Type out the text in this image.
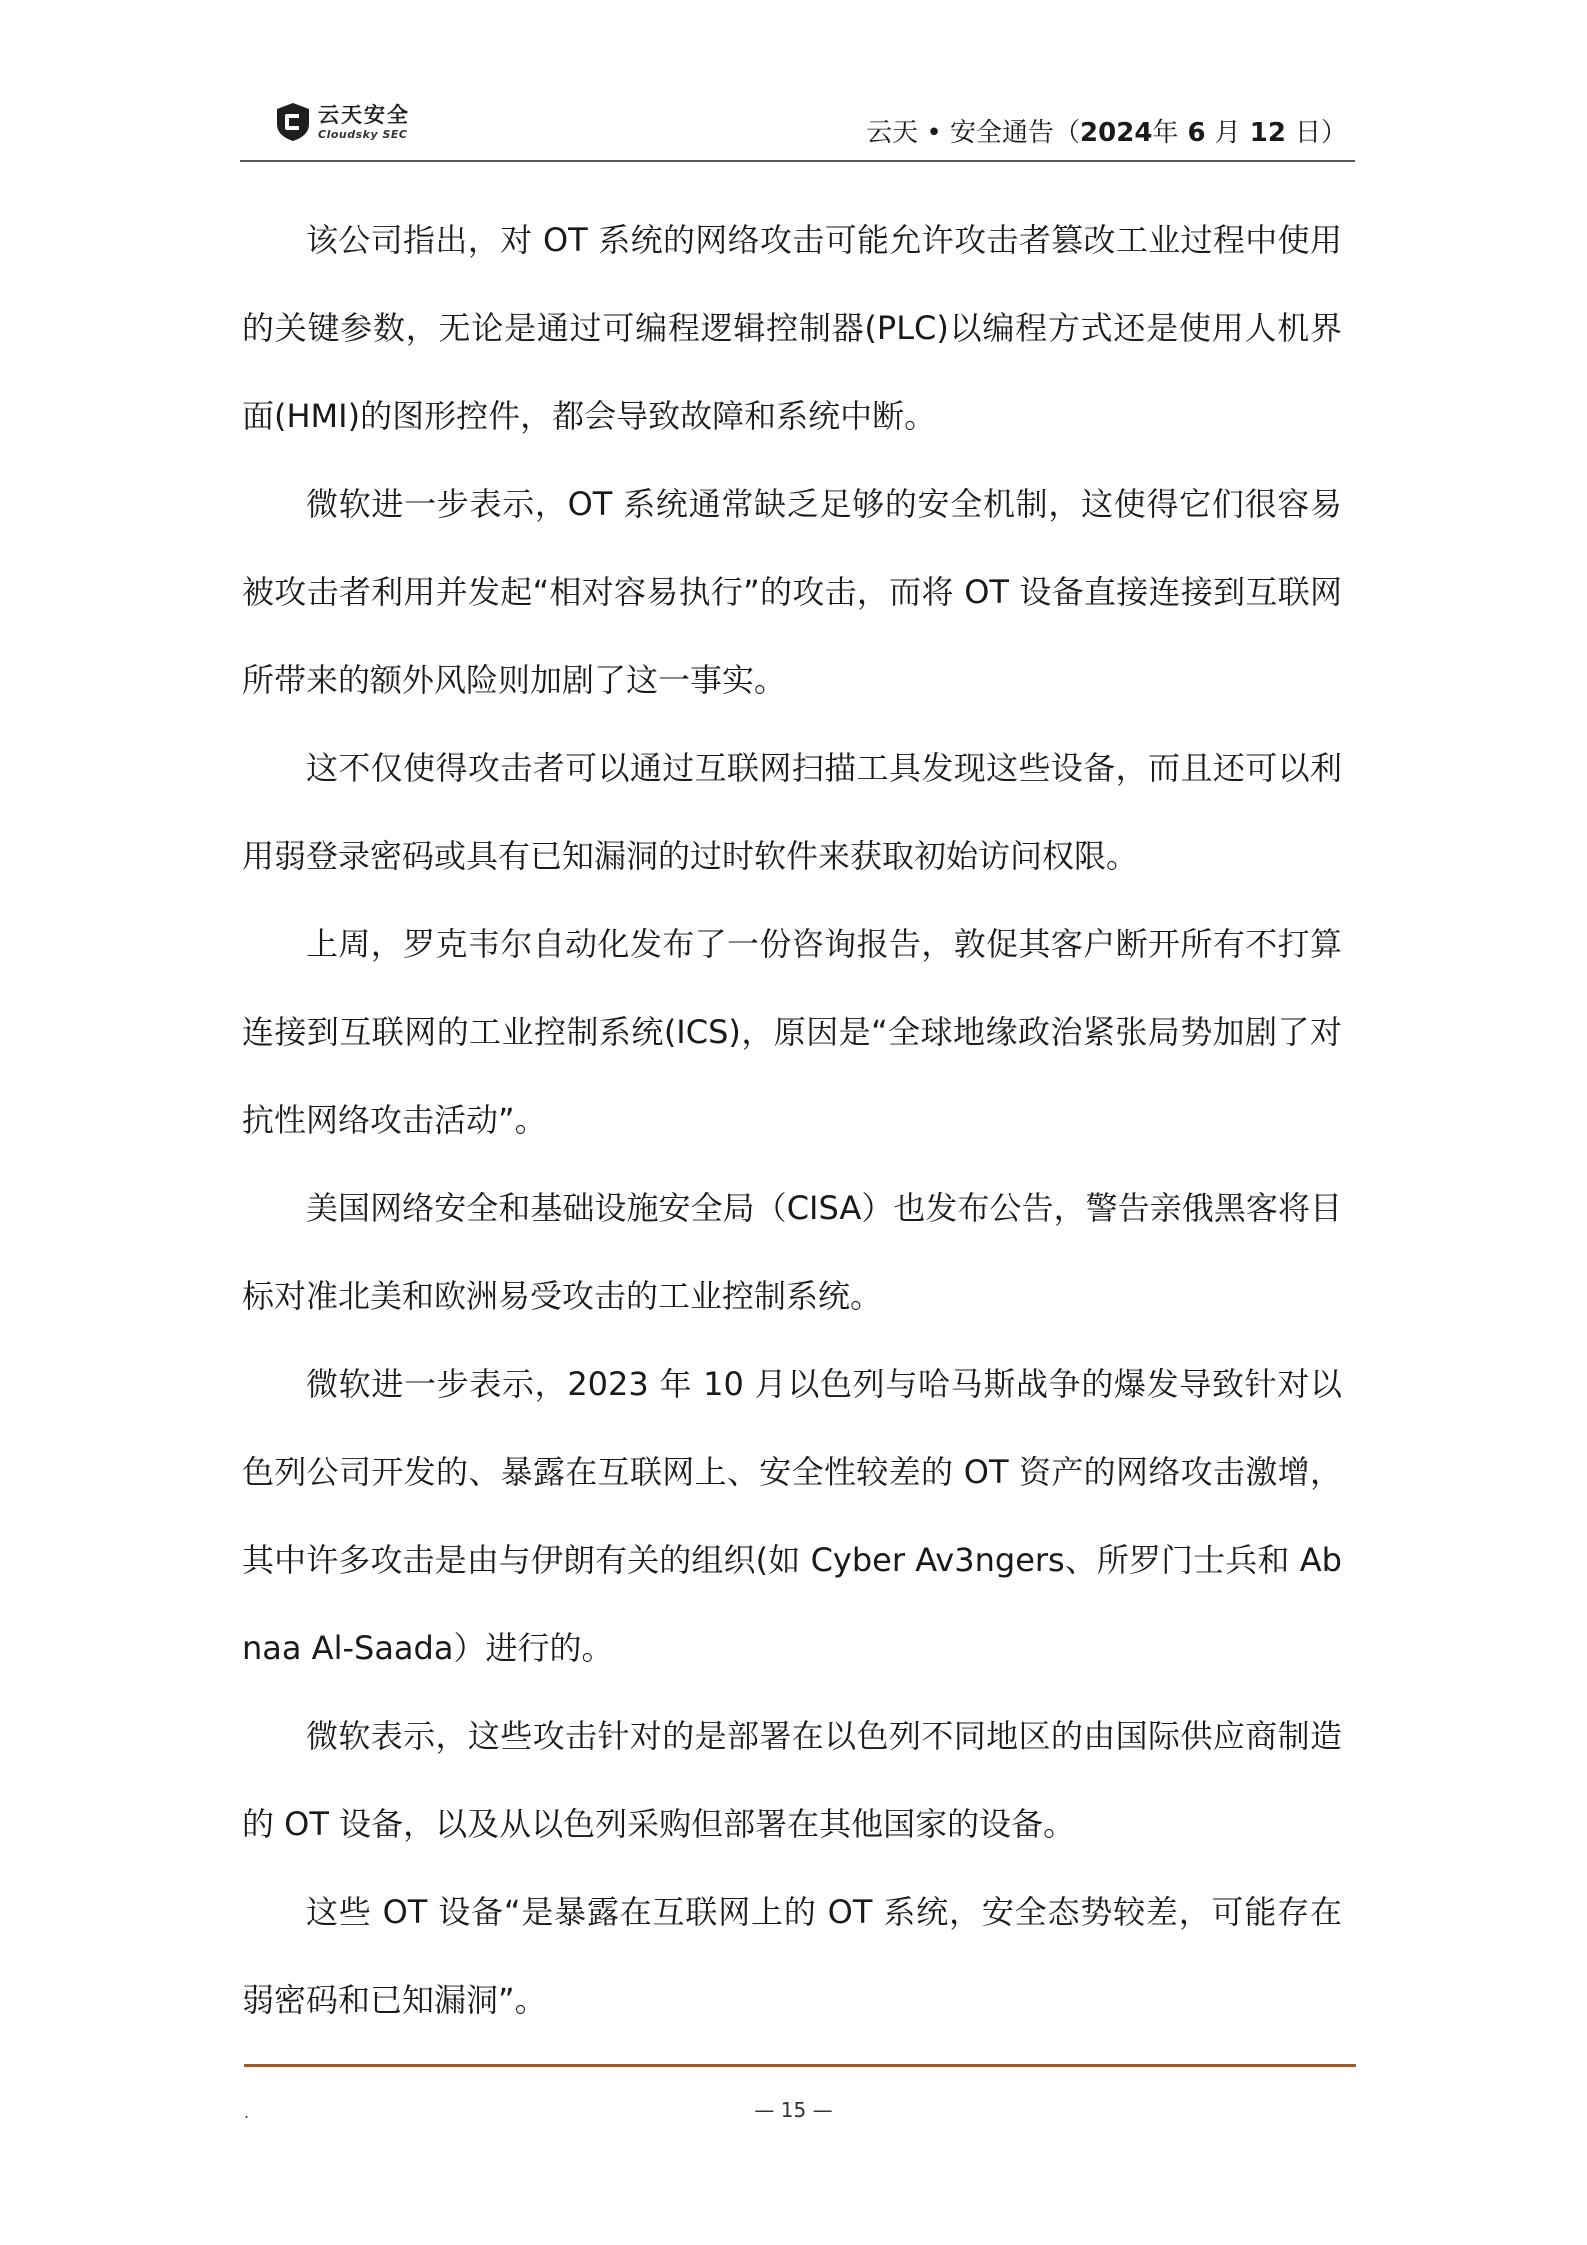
云天安全
Cloudsky SEC	云天 • 安全通告（2024年 6 月 12 日）

该公司指出，对 OT 系统的网络攻击可能允许攻击者篡改工业过程中使用的关键参数，无论是通过可编程逻辑控制器(PLC)以编程方式还是使用人机界面(HMI)的图形控件，都会导致故障和系统中断。

微软进一步表示，OT 系统通常缺乏足够的安全机制，这使得它们很容易被攻击者利用并发起“相对容易执行”的攻击，而将 OT 设备直接连接到互联网所带来的额外风险则加剧了这一事实。

这不仅使得攻击者可以通过互联网扫描工具发现这些设备，而且还可以利用弱登录密码或具有已知漏洞的过时软件来获取初始访问权限。

上周，罗克韦尔自动化发布了一份咨询报告，敦促其客户断开所有不打算连接到互联网的工业控制系统(ICS)，原因是“全球地缘政治紧张局势加剧了对抗性网络攻击活动”。

美国网络安全和基础设施安全局（CISA）也发布公告，警告亲俄黑客将目标对准北美和欧洲易受攻击的工业控制系统。

微软进一步表示，2023 年 10 月以色列与哈马斯战争的爆发导致针对以色列公司开发的、暴露在互联网上、安全性较差的 OT 资产的网络攻击激增，其中许多攻击是由与伊朗有关的组织(如 Cyber Av3ngers、所罗门士兵和 Abnaa Al-Saada）进行的。

微软表示，这些攻击针对的是部署在以色列不同地区的由国际供应商制造的 OT 设备，以及从以色列采购但部署在其他国家的设备。

这些 OT 设备“是暴露在互联网上的 OT 系统，安全态势较差，可能存在弱密码和已知漏洞”。

.	— 15 —
